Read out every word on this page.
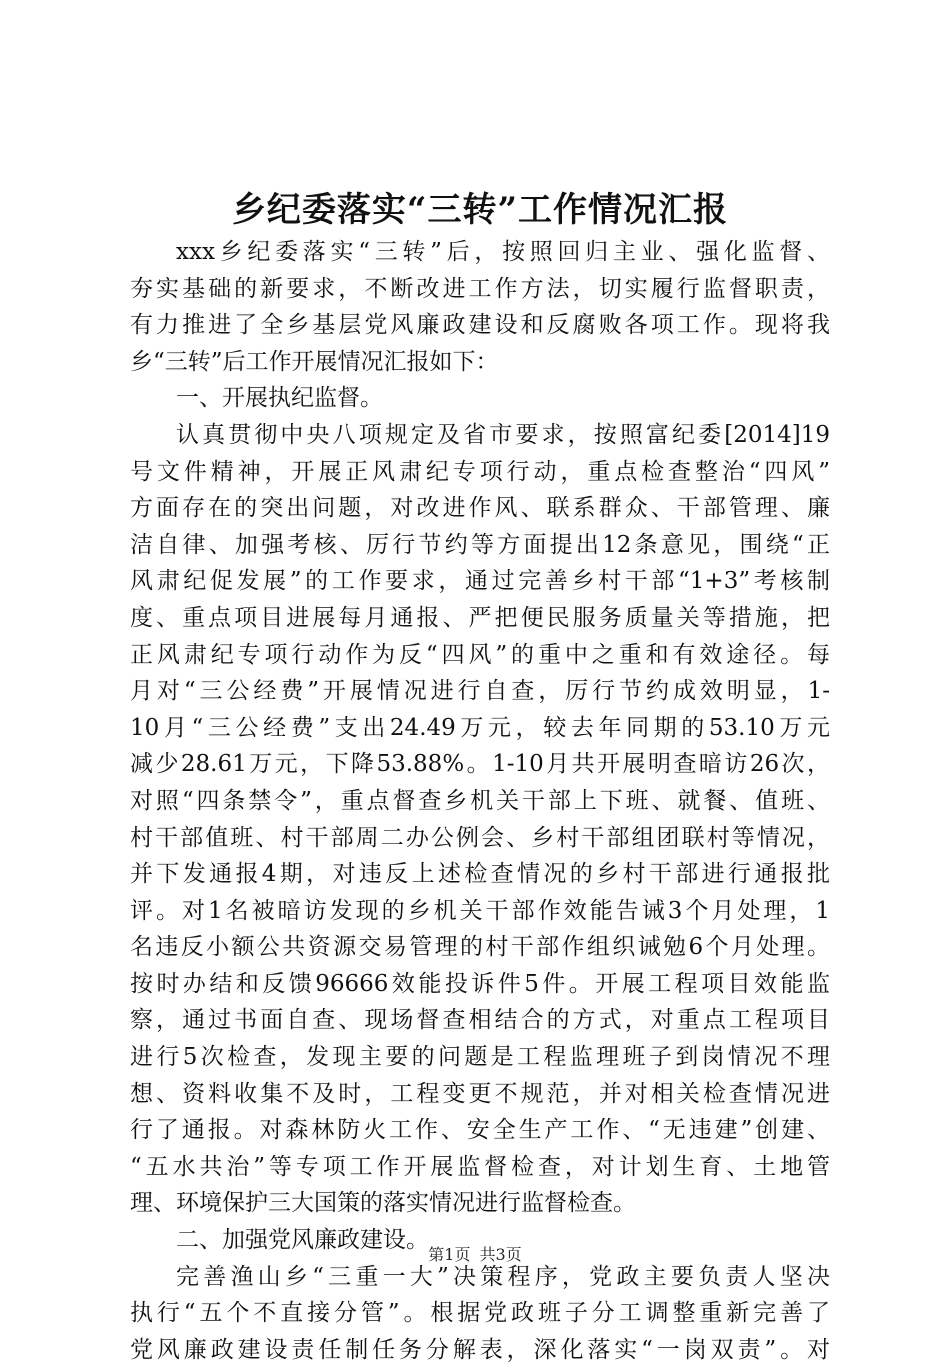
乡纪委落实“三转”工作情况汇报
xxx乡纪委落实“三转”后，按照回归主业、强化监督、
夯实基础的新要求，不断改进工作方法，切实履行监督职责，
有力推进了全乡基层党风廉政建设和反腐败各项工作。现将我
乡“三转”后工作开展情况汇报如下：
一、开展执纪监督。
认真贯彻中央八项规定及省市要求，按照富纪委[2014]19
号文件精神，开展正风肃纪专项行动，重点检查整治“四风”
方面存在的突出问题，对改进作风、联系群众、干部管理、廉
洁自律、加强考核、厉行节约等方面提出12条意见，围绕“正
风肃纪促发展”的工作要求，通过完善乡村干部“1+3”考核制
度、重点项目进展每月通报、严把便民服务质量关等措施，把
正风肃纪专项行动作为反“四风”的重中之重和有效途径。每
月对“三公经费”开展情况进行自查，厉行节约成效明显，1-
10月“三公经费”支出24.49万元，较去年同期的53.10万元
减少28.61万元，下降53.88%。1-10月共开展明查暗访26次，
对照“四条禁令”，重点督查乡机关干部上下班、就餐、值班、
村干部值班、村干部周二办公例会、乡村干部组团联村等情况，
并下发通报4期，对违反上述检查情况的乡村干部进行通报批
评。对1名被暗访发现的乡机关干部作效能告诫3个月处理，1
名违反小额公共资源交易管理的村干部作组织诫勉6个月处理。
按时办结和反馈96666效能投诉件5件。开展工程项目效能监
察，通过书面自查、现场督查相结合的方式，对重点工程项目
进行5次检查，发现主要的问题是工程监理班子到岗情况不理
想、资料收集不及时，工程变更不规范，并对相关检查情况进
行了通报。对森林防火工作、安全生产工作、“无违建”创建、
“五水共治”等专项工作开展监督检查，对计划生育、土地管
理、环境保护三大国策的落实情况进行监督检查。
二、加强党风廉政建设。
完善渔山乡“三重一大”决策程序，党政主要负责人坚决
执行“五个不直接分管”。根据党政班子分工调整重新完善了
党风廉政建设责任制任务分解表，深化落实“一岗双责”。对
第1页 共3页
